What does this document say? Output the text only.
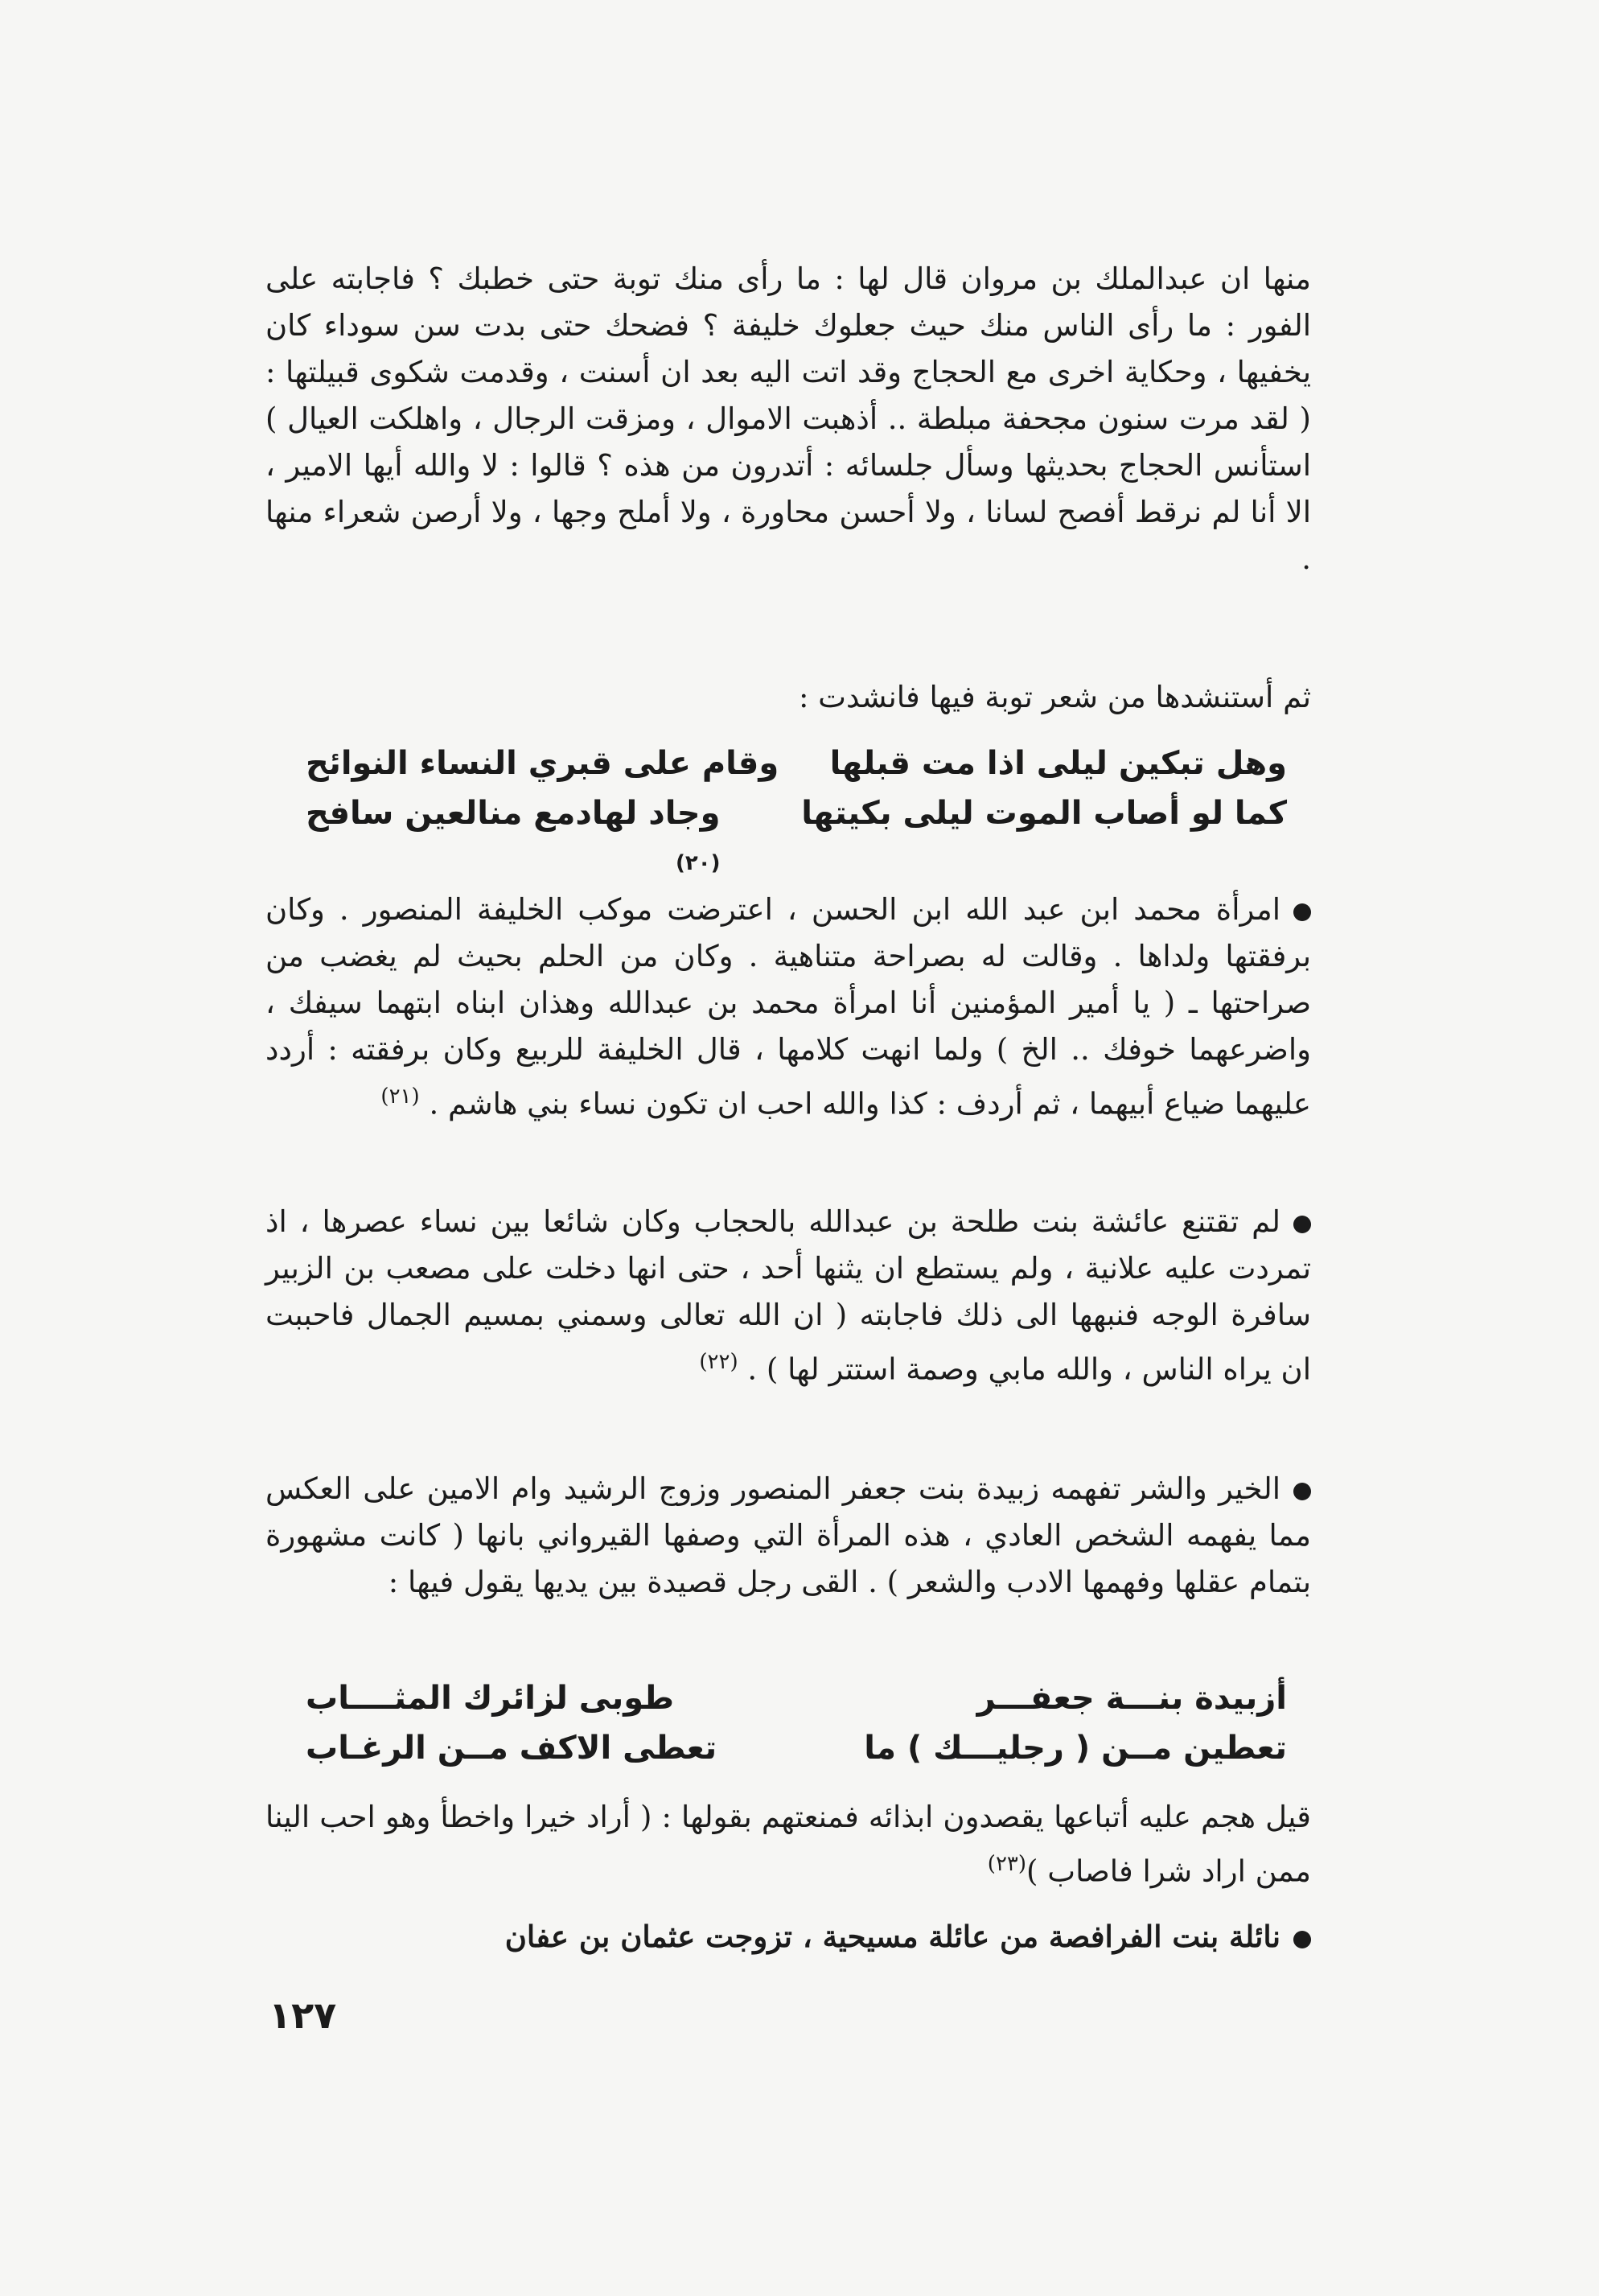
منها ان عبدالملك بن مروان قال لها : ما رأى منك توبة حتى خطبك ؟ فاجابته على الفور : ما رأى الناس منك حيث جعلوك خليفة ؟ فضحك حتى بدت سن سوداء كان يخفيها ، وحكاية اخرى مع الحجاج وقد اتت اليه بعد ان أسنت ، وقدمت شكوى قبيلتها : ( لقد مرت سنون مجحفة مبلطة .. أذهبت الاموال ، ومزقت الرجال ، واهلكت العيال ) استأنس الحجاج بحديثها وسأل جلسائه : أتدرون من هذه ؟ قالوا : لا والله أيها الامير ، الا أنا لم نرقط أفصح لسانا ، ولا أحسن محاورة ، ولا أملح وجها ، ولا أرصن شعراء منها .

ثم أستنشدها من شعر توبة فيها فانشدت :

وهل تبكين ليلى اذا مت قبلها
وقام على قبري النساء النوائح
كما لو أصاب الموت ليلى بكيتها
وجاد لهادمع منالعين سافح
(٢٠)
امرأة محمد ابن عبد الله ابن الحسن ، اعترضت موكب الخليفة المنصور . وكان برفقتها ولداها . وقالت له بصراحة متناهية . وكان من الحلم بحيث لم يغضب من صراحتها ـ ( يا أمير المؤمنين أنا امرأة محمد بن عبدالله وهذان ابناه ابتهما سيفك ، واضرعهما خوفك .. الخ ) ولما انهت كلامها ، قال الخليفة للربيع وكان برفقته : أردد عليهما ضياع أبيهما ، ثم أردف : كذا والله احب ان تكون نساء بني هاشم . $^{(٢١)}$
لم تقتنع عائشة بنت طلحة بن عبدالله بالحجاب وكان شائعا بين نساء عصرها ، اذ تمردت عليه علانية ، ولم يستطع ان يثنها أحد ، حتى انها دخلت على مصعب بن الزبير سافرة الوجه فنبهها الى ذلك فاجابته ( ان الله تعالى وسمني بمسيم الجمال فاحببت ان يراه الناس ، والله مابي وصمة استتر لها ) . $^{(٢٢)}$
الخير والشر تفهمه زبيدة بنت جعفر المنصور وزوج الرشيد وام الامين على العكس مما يفهمه الشخص العادي ، هذه المرأة التي وصفها القيرواني بانها ( كانت مشهورة بتمام عقلها وفهمها الادب والشعر ) . القى رجل قصيدة بين يديها يقول فيها :
أزبيدة بنـــة جعفـــر
طوبى لزائرك المثــــاب
تعطين مــن ( رجليـــك ) ما
تعطى الاكف مــن الرغـاب
قيل هجم عليه أتباعها يقصدون ابذائه فمنعتهم بقولها : ( أراد خيرا واخطأ وهو احب الينا ممن اراد شرا فاصاب )$^{(٢٣)}$
نائلة بنت الفرافصة من عائلة مسيحية ، تزوجت عثمان بن عفان
١٢٧
